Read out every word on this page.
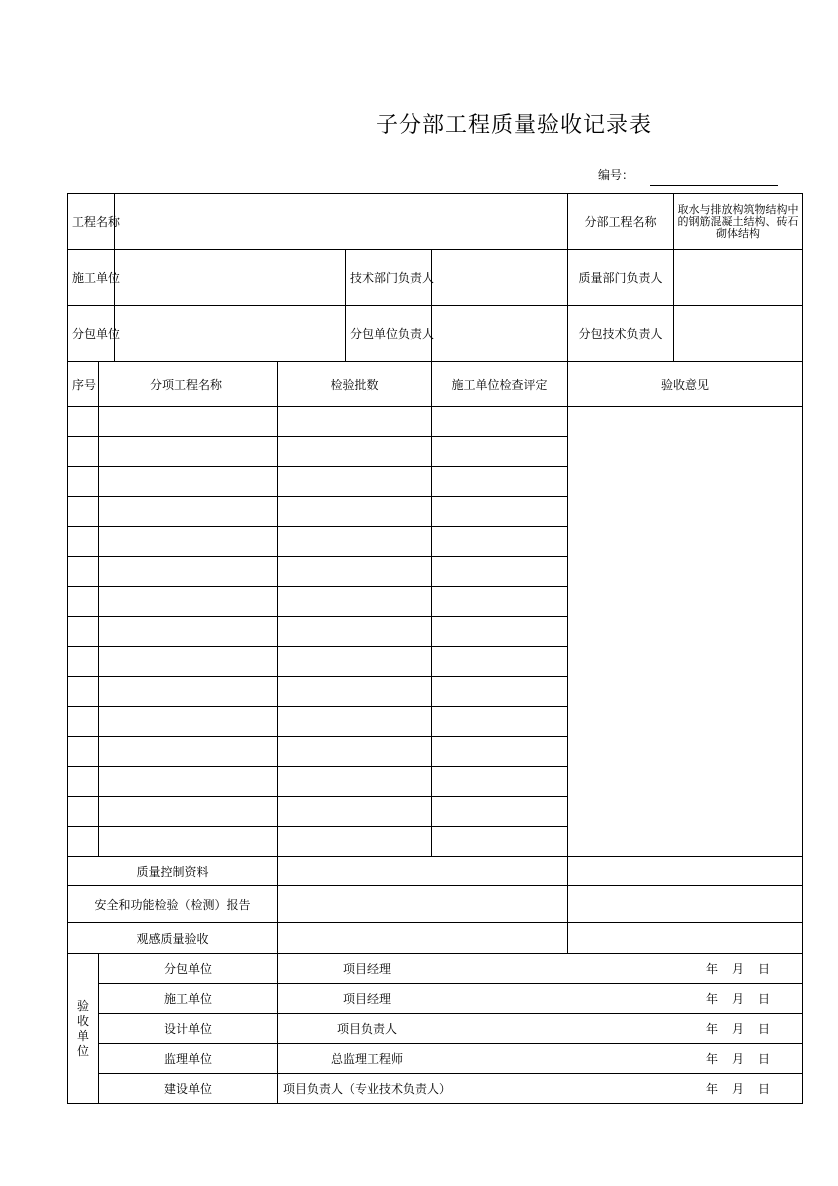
子分部工程质量验收记录表
编号：
工程名称							分部工程名称	取水与排放构筑物结构中的钢筋混凝土结构、砖石砌体结构
施工单位				技术部门负责人			质量部门负责人	
分包单位				分包单位负责人			分包技术负责人	
序号	分项工程名称		检验批数		施工单位检查评定		验收意见	

质量控制资料								
安全和功能检验（检测）报告								
观感质量验收								

验收单位	分包单位		项目经理			年 月 日		
	施工单位		项目经理			年 月 日		
	设计单位		项目负责人			年 月 日		
	监理单位		总监理工程师			年 月 日		
	建设单位		项目负责人（专业技术负责人）			年 月 日		
